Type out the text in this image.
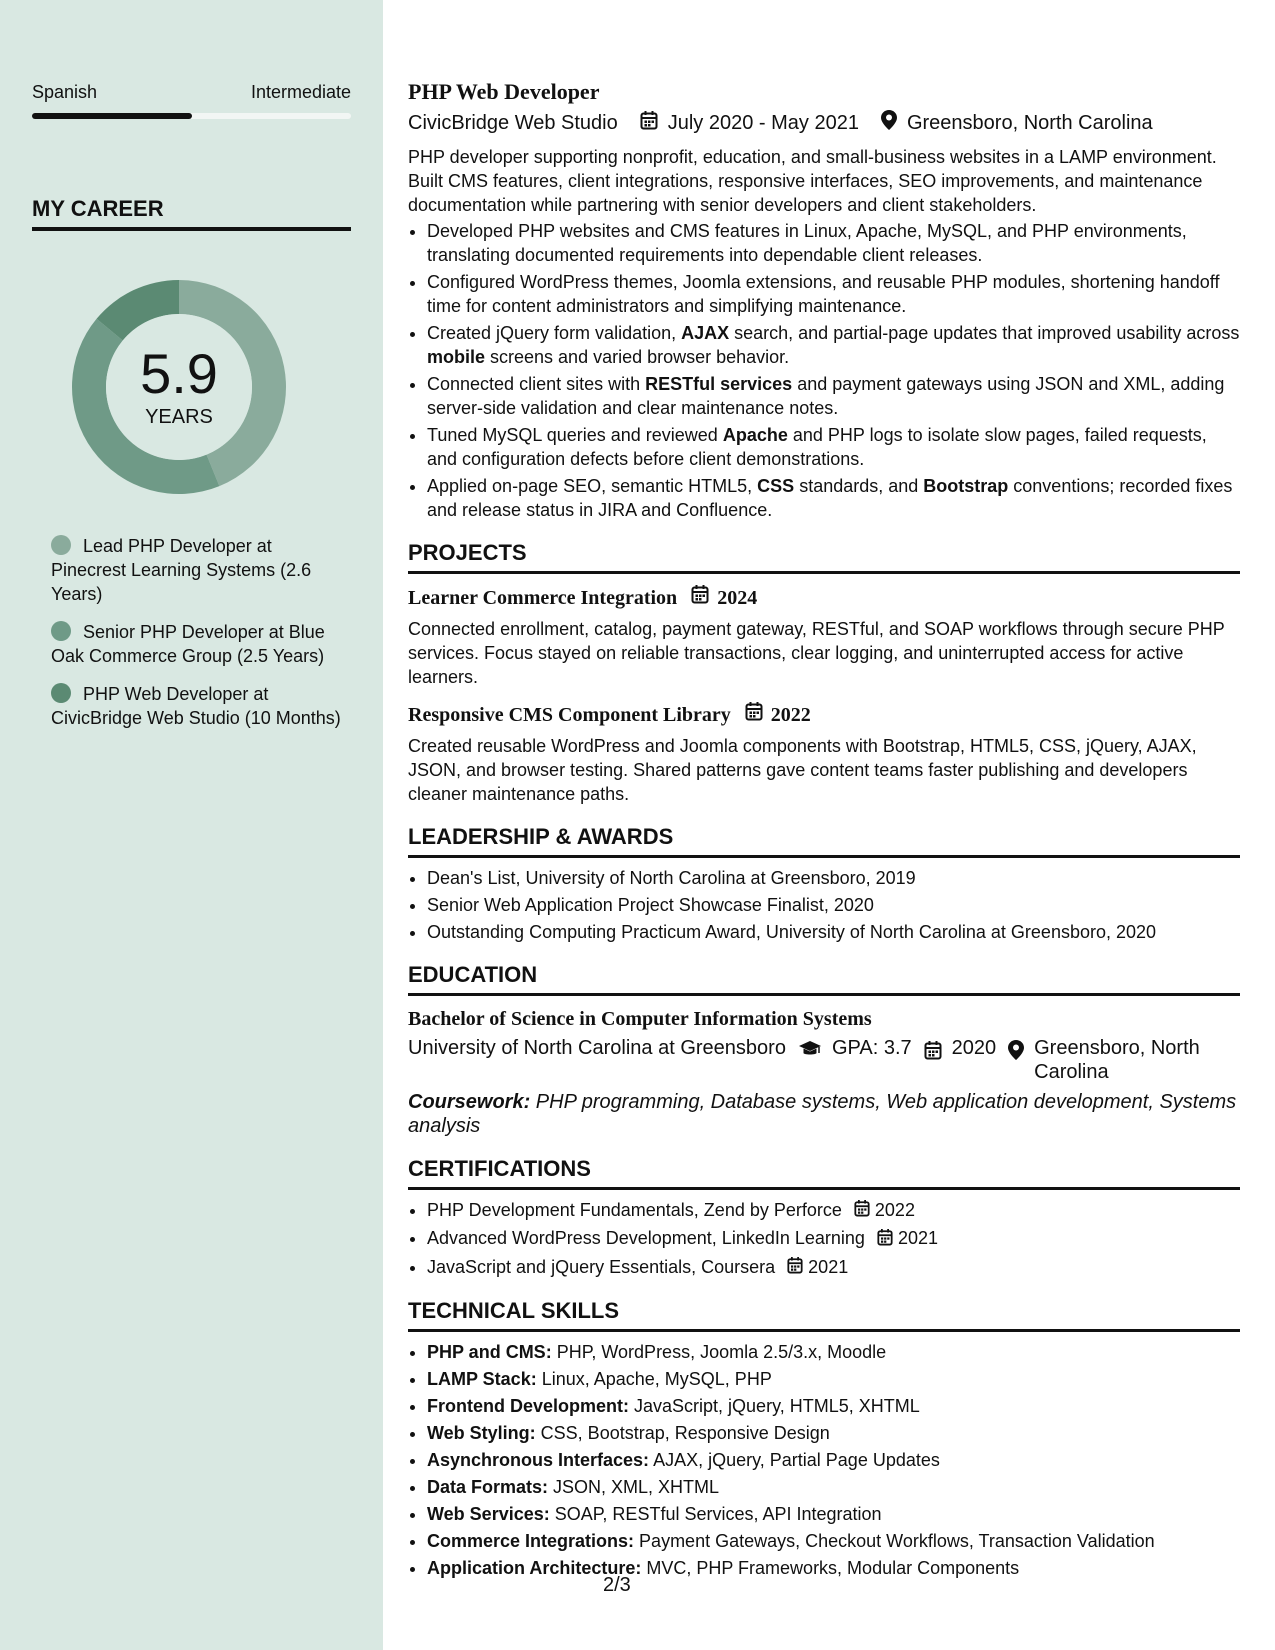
Spanish	Intermediate
MY CAREER
5.9
YEARS
Lead PHP Developer at Pinecrest Learning Systems (2.6 Years)
Senior PHP Developer at Blue Oak Commerce Group (2.5 Years)
PHP Web Developer at CivicBridge Web Studio (10 Months)
PHP Web Developer
CivicBridge Web Studio	July 2020 - May 2021 Greensboro, North Carolina
PHP developer supporting nonprofit, education, and small-business websites in a LAMP environment. Built CMS features, client integrations, responsive interfaces, SEO improvements, and maintenance documentation while partnering with senior developers and client stakeholders.
• Developed PHP websites and CMS features in Linux, Apache, MySQL, and PHP environments, translating documented requirements into dependable client releases.
• Configured WordPress themes, Joomla extensions, and reusable PHP modules, shortening handoff time for content administrators and simplifying maintenance.
• Created jQuery form validation, AJAX search, and partial-page updates that improved usability across mobile screens and varied browser behavior.
• Connected client sites with RESTful services and payment gateways using JSON and XML, adding server-side validation and clear maintenance notes.
• Tuned MySQL queries and reviewed Apache and PHP logs to isolate slow pages, failed requests, and configuration defects before client demonstrations.
• Applied on-page SEO, semantic HTML5, CSS standards, and Bootstrap conventions; recorded fixes and release status in JIRA and Confluence.
PROJECTS
Learner Commerce Integration 2024
Connected enrollment, catalog, payment gateway, RESTful, and SOAP workflows through secure PHP services. Focus stayed on reliable transactions, clear logging, and uninterrupted access for active learners.
Responsive CMS Component Library 2022
Created reusable WordPress and Joomla components with Bootstrap, HTML5, CSS, jQuery, AJAX, JSON, and browser testing. Shared patterns gave content teams faster publishing and developers cleaner maintenance paths.
LEADERSHIP & AWARDS
• Dean's List, University of North Carolina at Greensboro, 2019
• Senior Web Application Project Showcase Finalist, 2020
• Outstanding Computing Practicum Award, University of North Carolina at Greensboro, 2020
EDUCATION
Bachelor of Science in Computer Information Systems
University of North Carolina at Greensboro GPA: 3.7 2020 Greensboro, North Carolina
Coursework: PHP programming, Database systems, Web application development, Systems analysis
CERTIFICATIONS
• PHP Development Fundamentals, Zend by Perforce 2022
• Advanced WordPress Development, LinkedIn Learning 2021
• JavaScript and jQuery Essentials, Coursera 2021
TECHNICAL SKILLS
• PHP and CMS: PHP, WordPress, Joomla 2.5/3.x, Moodle
• LAMP Stack: Linux, Apache, MySQL, PHP
• Frontend Development: JavaScript, jQuery, HTML5, XHTML
• Web Styling: CSS, Bootstrap, Responsive Design
• Asynchronous Interfaces: AJAX, jQuery, Partial Page Updates
• Data Formats: JSON, XML, XHTML
• Web Services: SOAP, RESTful Services, API Integration
• Commerce Integrations: Payment Gateways, Checkout Workflows, Transaction Validation
• Application Architecture: MVC, PHP Frameworks, Modular Components
2/3
